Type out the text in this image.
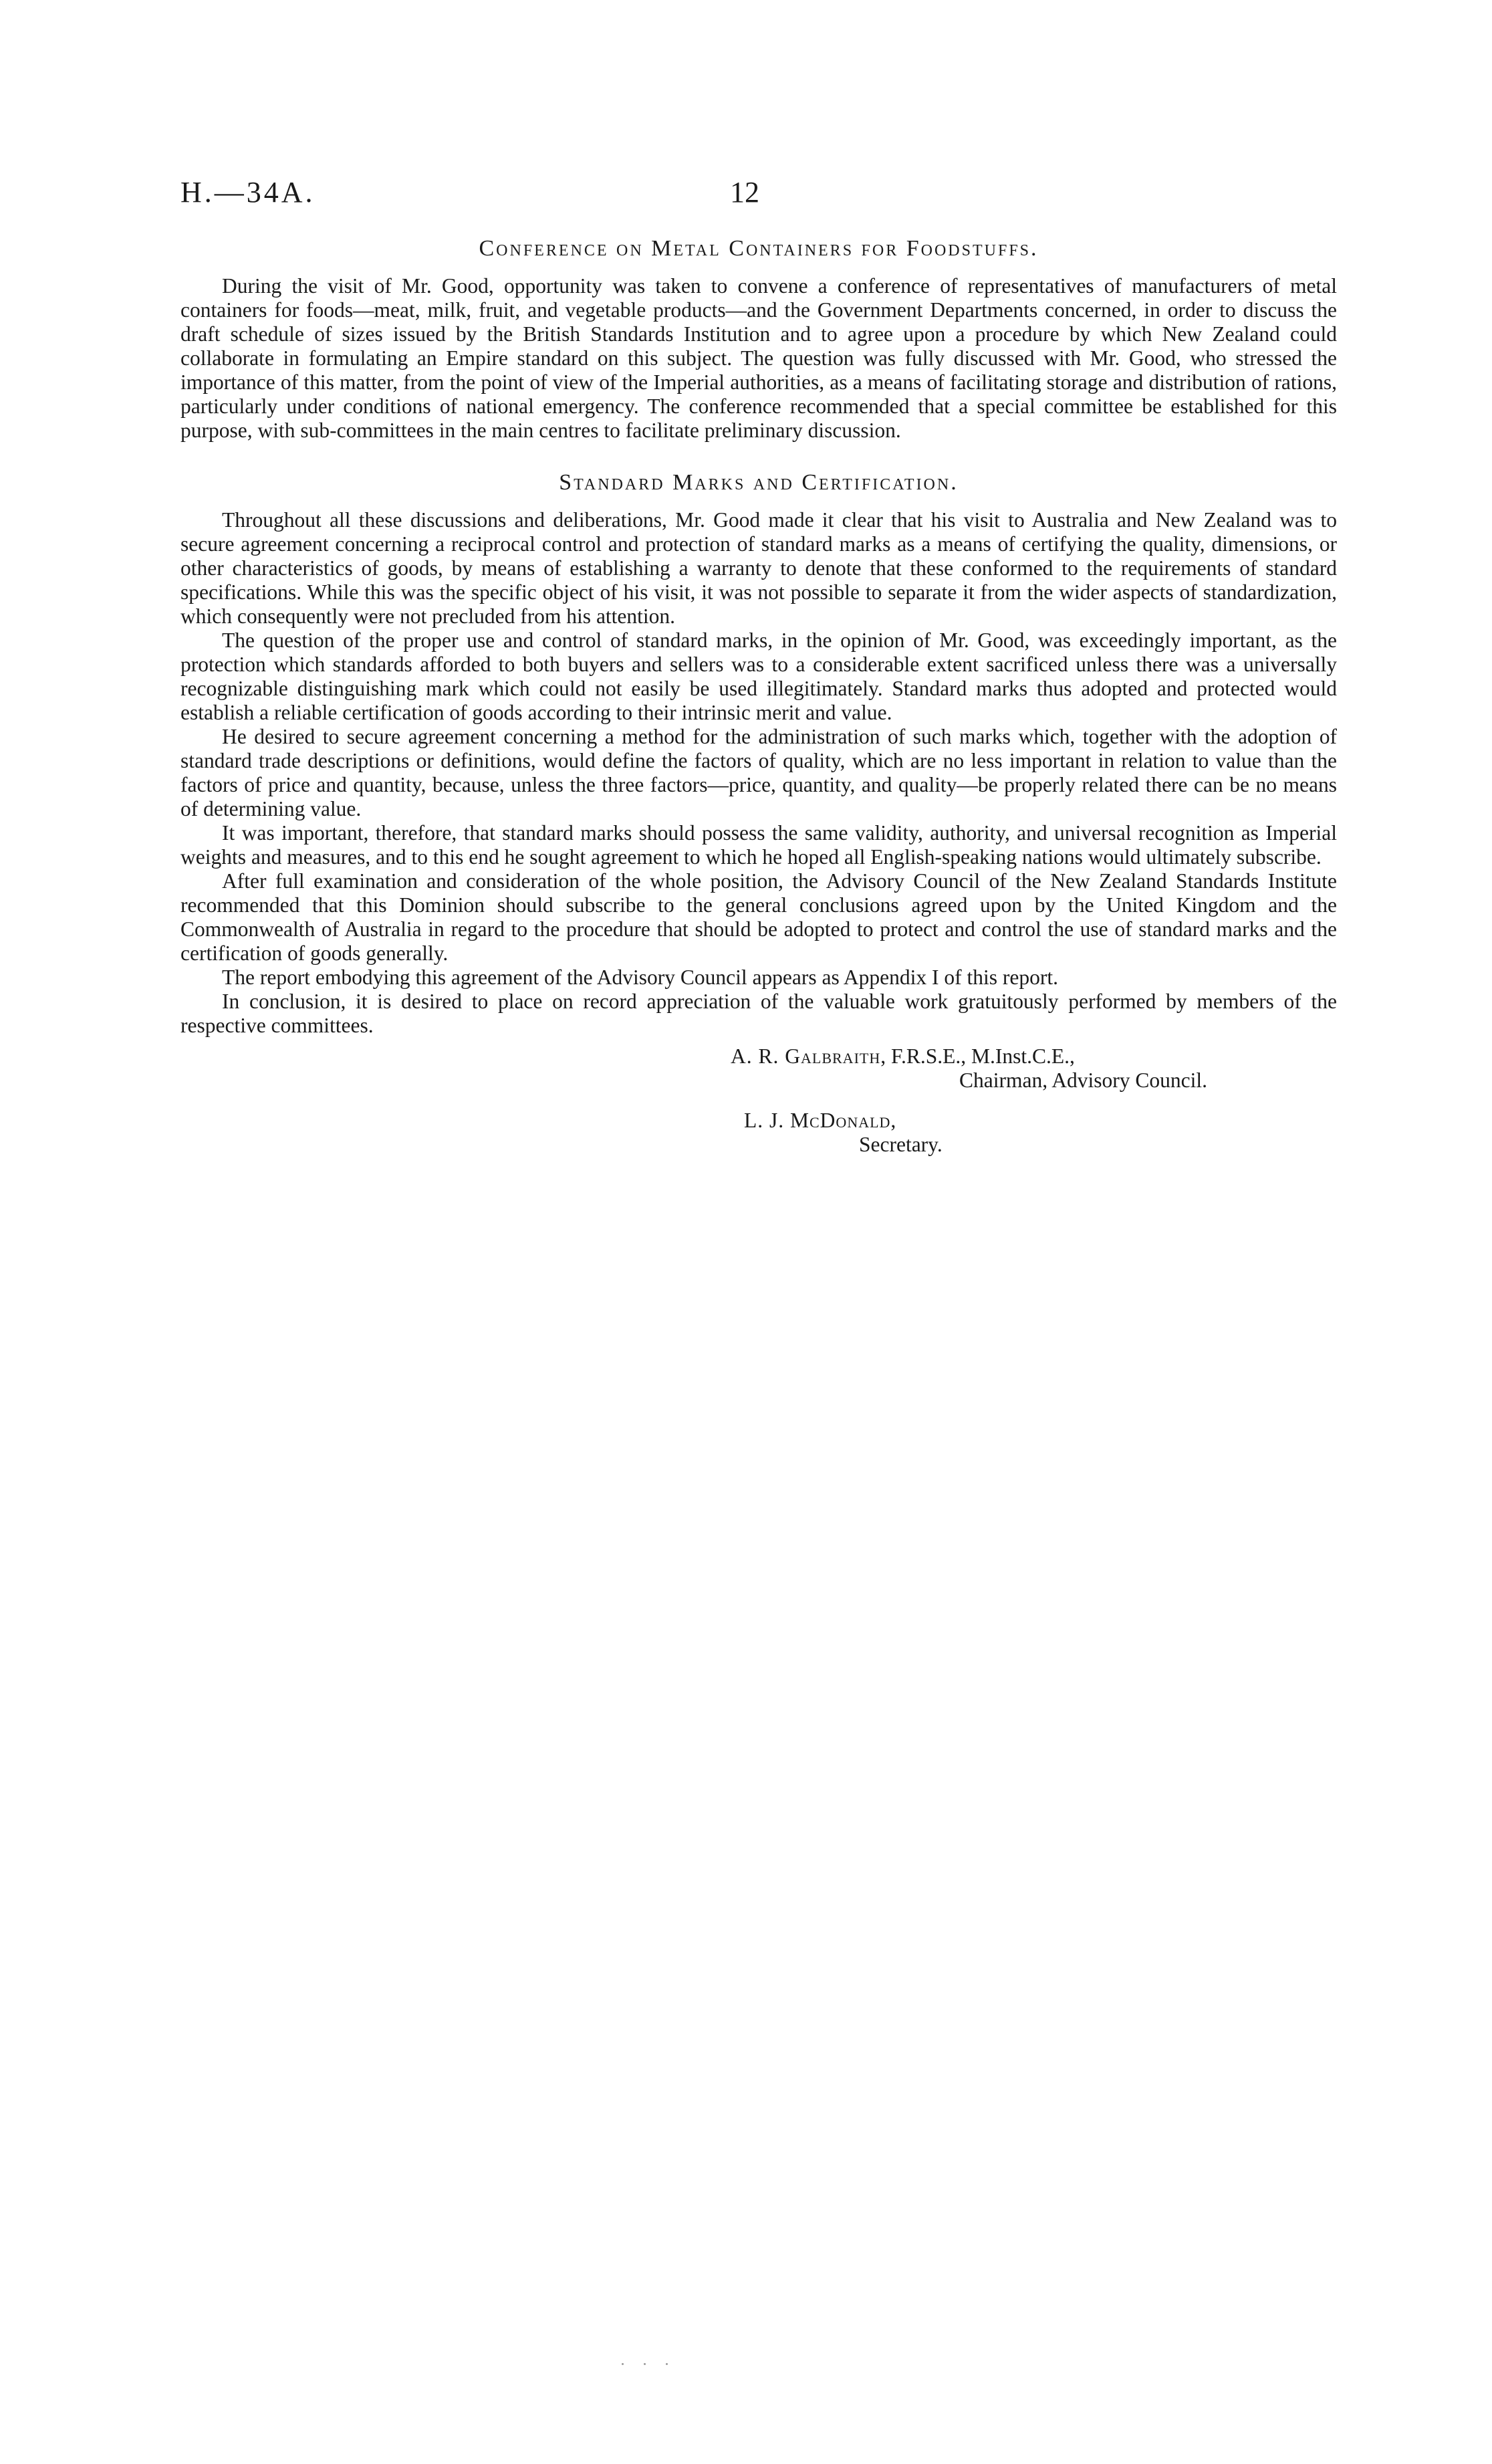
H.—34A.	12
Conference on Metal Containers for Foodstuffs.

During the visit of Mr. Good, opportunity was taken to convene a conference of representatives of manufacturers of metal containers for foods—meat, milk, fruit, and vegetable products—and the Government Departments concerned, in order to discuss the draft schedule of sizes issued by the British Standards Institution and to agree upon a procedure by which New Zealand could collaborate in formulating an Empire standard on this subject. The question was fully discussed with Mr. Good, who stressed the importance of this matter, from the point of view of the Imperial authorities, as a means of facilitating storage and distribution of rations, particularly under conditions of national emergency. The conference recommended that a special committee be established for this purpose, with sub-committees in the main centres to facilitate preliminary discussion.

Standard Marks and Certification.

Throughout all these discussions and deliberations, Mr. Good made it clear that his visit to Australia and New Zealand was to secure agreement concerning a reciprocal control and protection of standard marks as a means of certifying the quality, dimensions, or other characteristics of goods, by means of establishing a warranty to denote that these conformed to the requirements of standard specifications. While this was the specific object of his visit, it was not possible to separate it from the wider aspects of standardization, which consequently were not precluded from his attention.

The question of the proper use and control of standard marks, in the opinion of Mr. Good, was exceedingly important, as the protection which standards afforded to both buyers and sellers was to a considerable extent sacrificed unless there was a universally recognizable distinguishing mark which could not easily be used illegitimately. Standard marks thus adopted and protected would establish a reliable certification of goods according to their intrinsic merit and value.

He desired to secure agreement concerning a method for the administration of such marks which, together with the adoption of standard trade descriptions or definitions, would define the factors of quality, which are no less important in relation to value than the factors of price and quantity, because, unless the three factors—price, quantity, and quality—be properly related there can be no means of determining value.

It was important, therefore, that standard marks should possess the same validity, authority, and universal recognition as Imperial weights and measures, and to this end he sought agreement to which he hoped all English-speaking nations would ultimately subscribe.

After full examination and consideration of the whole position, the Advisory Council of the New Zealand Standards Institute recommended that this Dominion should subscribe to the general conclusions agreed upon by the United Kingdom and the Commonwealth of Australia in regard to the procedure that should be adopted to protect and control the use of standard marks and the certification of goods generally.

The report embodying this agreement of the Advisory Council appears as Appendix I of this report.

In conclusion, it is desired to place on record appreciation of the valuable work gratuitously performed by members of the respective committees.

A. R. Galbraith, F.R.S.E., M.Inst.C.E.,
Chairman, Advisory Council.
L. J. McDonald,
Secretary.
